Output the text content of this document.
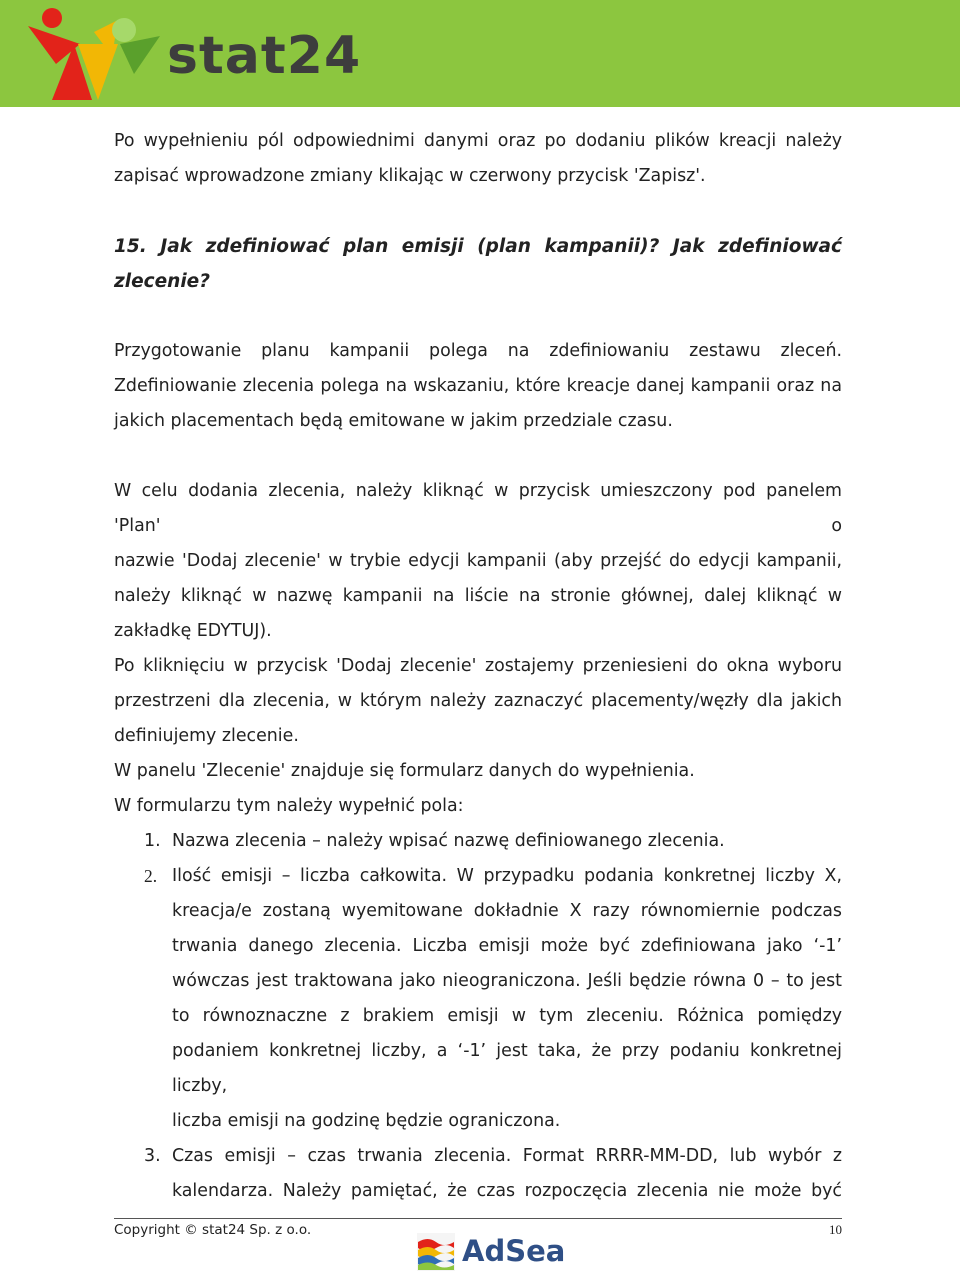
stat24

Po wypełnieniu pól odpowiednimi danymi oraz po dodaniu plików kreacji należy

zapisać wprowadzone zmiany klikając w czerwony przycisk 'Zapisz'.

15. Jak zdefiniować plan emisji (plan kampanii)? Jak zdefiniować

zlecenie?

Przygotowanie planu kampanii polega na zdefiniowaniu zestawu zleceń.

Zdefiniowanie zlecenia polega na wskazaniu, które kreacje danej kampanii oraz na

jakich placementach będą emitowane w jakim przedziale czasu.

W celu dodania zlecenia, należy kliknąć w przycisk umieszczony pod panelem 'Plan' o

nazwie 'Dodaj zlecenie' w trybie edycji kampanii (aby przejść do edycji kampanii,

należy kliknąć w nazwę kampanii na liście na stronie głównej, dalej kliknąć w

zakładkę EDYTUJ).

Po kliknięciu w przycisk 'Dodaj zlecenie' zostajemy przeniesieni do okna wyboru

przestrzeni dla zlecenia, w którym należy zaznaczyć placementy/węzły dla jakich

definiujemy zlecenie.

W panelu 'Zlecenie' znajduje się formularz danych do wypełnienia.

W formularzu tym należy wypełnić pola:

1. Nazwa zlecenia – należy wpisać nazwę definiowanego zlecenia.

2. Ilość emisji – liczba całkowita. W przypadku podania konkretnej liczby X,

kreacja/e zostaną wyemitowane dokładnie X razy równomiernie podczas

trwania danego zlecenia. Liczba emisji może być zdefiniowana jako ‘-1’

wówczas jest traktowana jako nieograniczona. Jeśli będzie równa 0 – to jest

to równoznaczne z brakiem emisji w tym zleceniu. Różnica pomiędzy

podaniem konkretnej liczby, a ‘-1’ jest taka, że przy podaniu konkretnej liczby,

liczba emisji na godzinę będzie ograniczona.

3. Czas emisji – czas trwania zlecenia. Format RRRR-MM-DD, lub wybór z

kalendarza. Należy pamiętać, że czas rozpoczęcia zlecenia nie może być

Copyright © stat24 Sp. z o.o.	10
AdSea
